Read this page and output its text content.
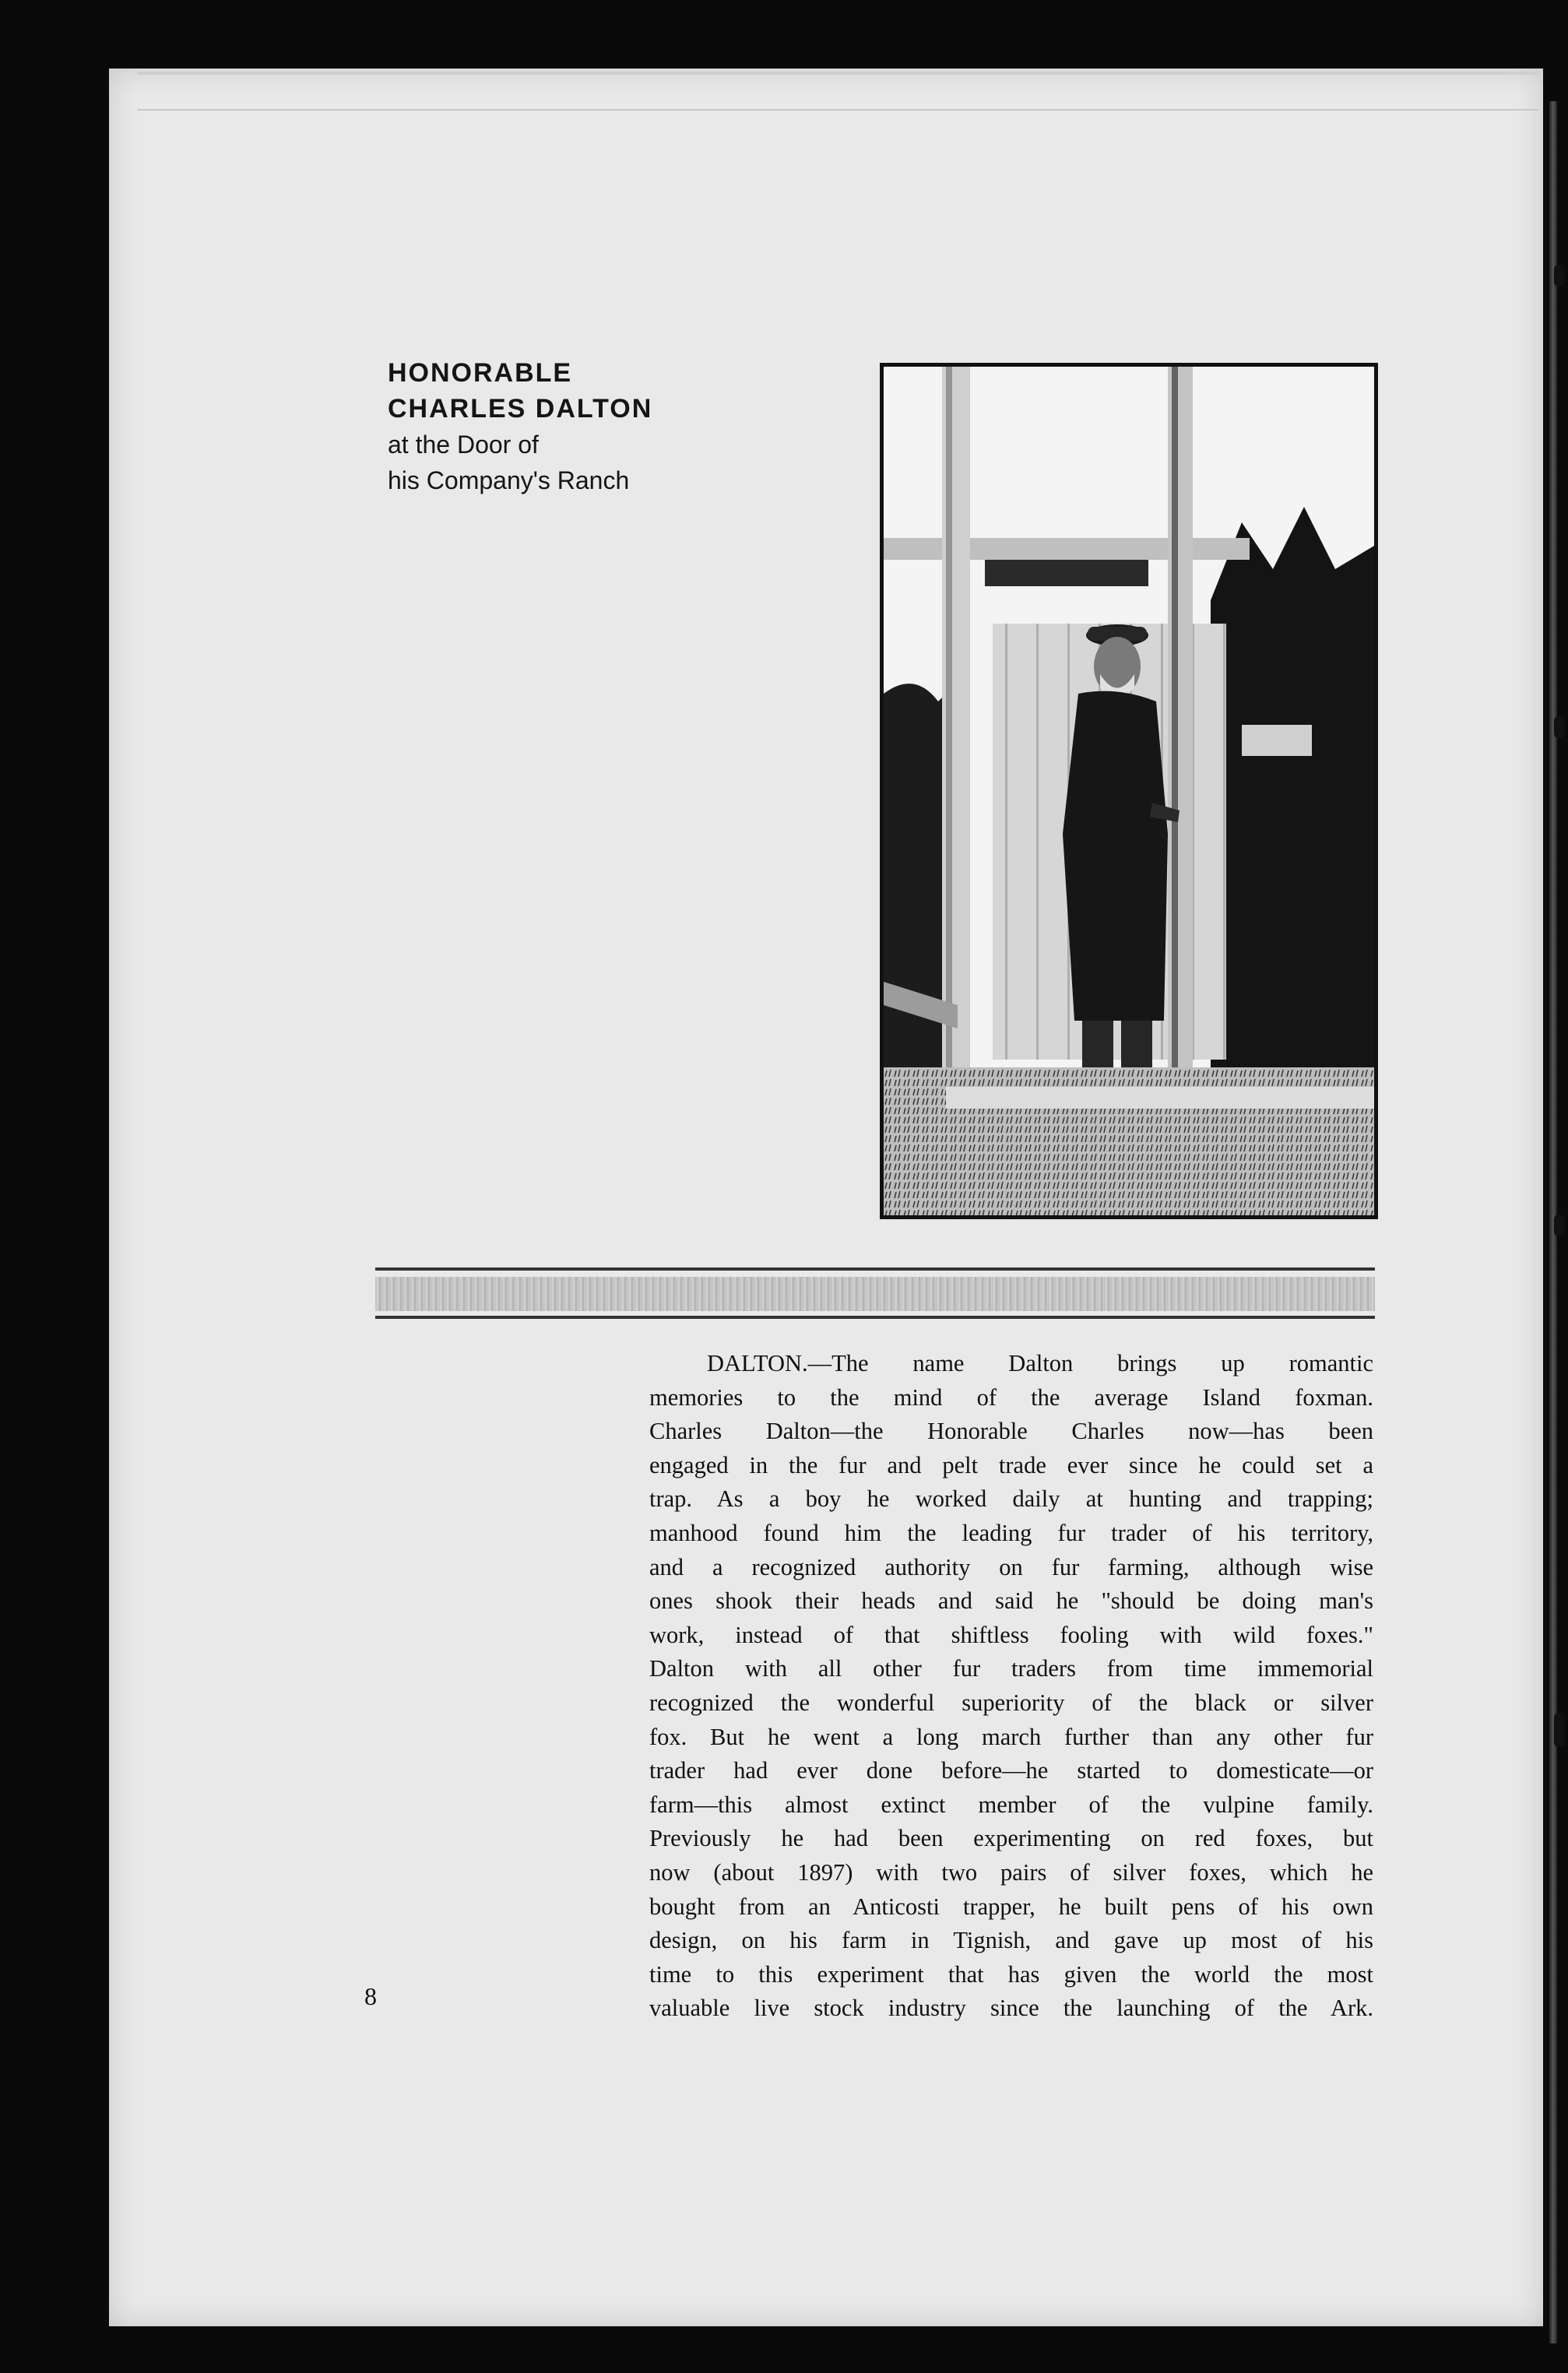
HONORABLE
CHARLES DALTON
at the Door of
his Company's Ranch
DALTON.—The name Dalton brings up romantic
memories to the mind of the average Island foxman.
Charles Dalton—the Honorable Charles now—has been
engaged in the fur and pelt trade ever since he could set a
trap. As a boy he worked daily at hunting and trapping;
manhood found him the leading fur trader of his territory,
and a recognized authority on fur farming, although wise
ones shook their heads and said he "should be doing man's
work, instead of that shiftless fooling with wild foxes."
Dalton with all other fur traders from time immemorial
recognized the wonderful superiority of the black or silver
fox. But he went a long march further than any other fur
trader had ever done before—he started to domesticate—or
farm—this almost extinct member of the vulpine family.
Previously he had been experimenting on red foxes, but
now (about 1897) with two pairs of silver foxes, which he
bought from an Anticosti trapper, he built pens of his own
design, on his farm in Tignish, and gave up most of his
time to this experiment that has given the world the most
valuable live stock industry since the launching of the Ark.
8
